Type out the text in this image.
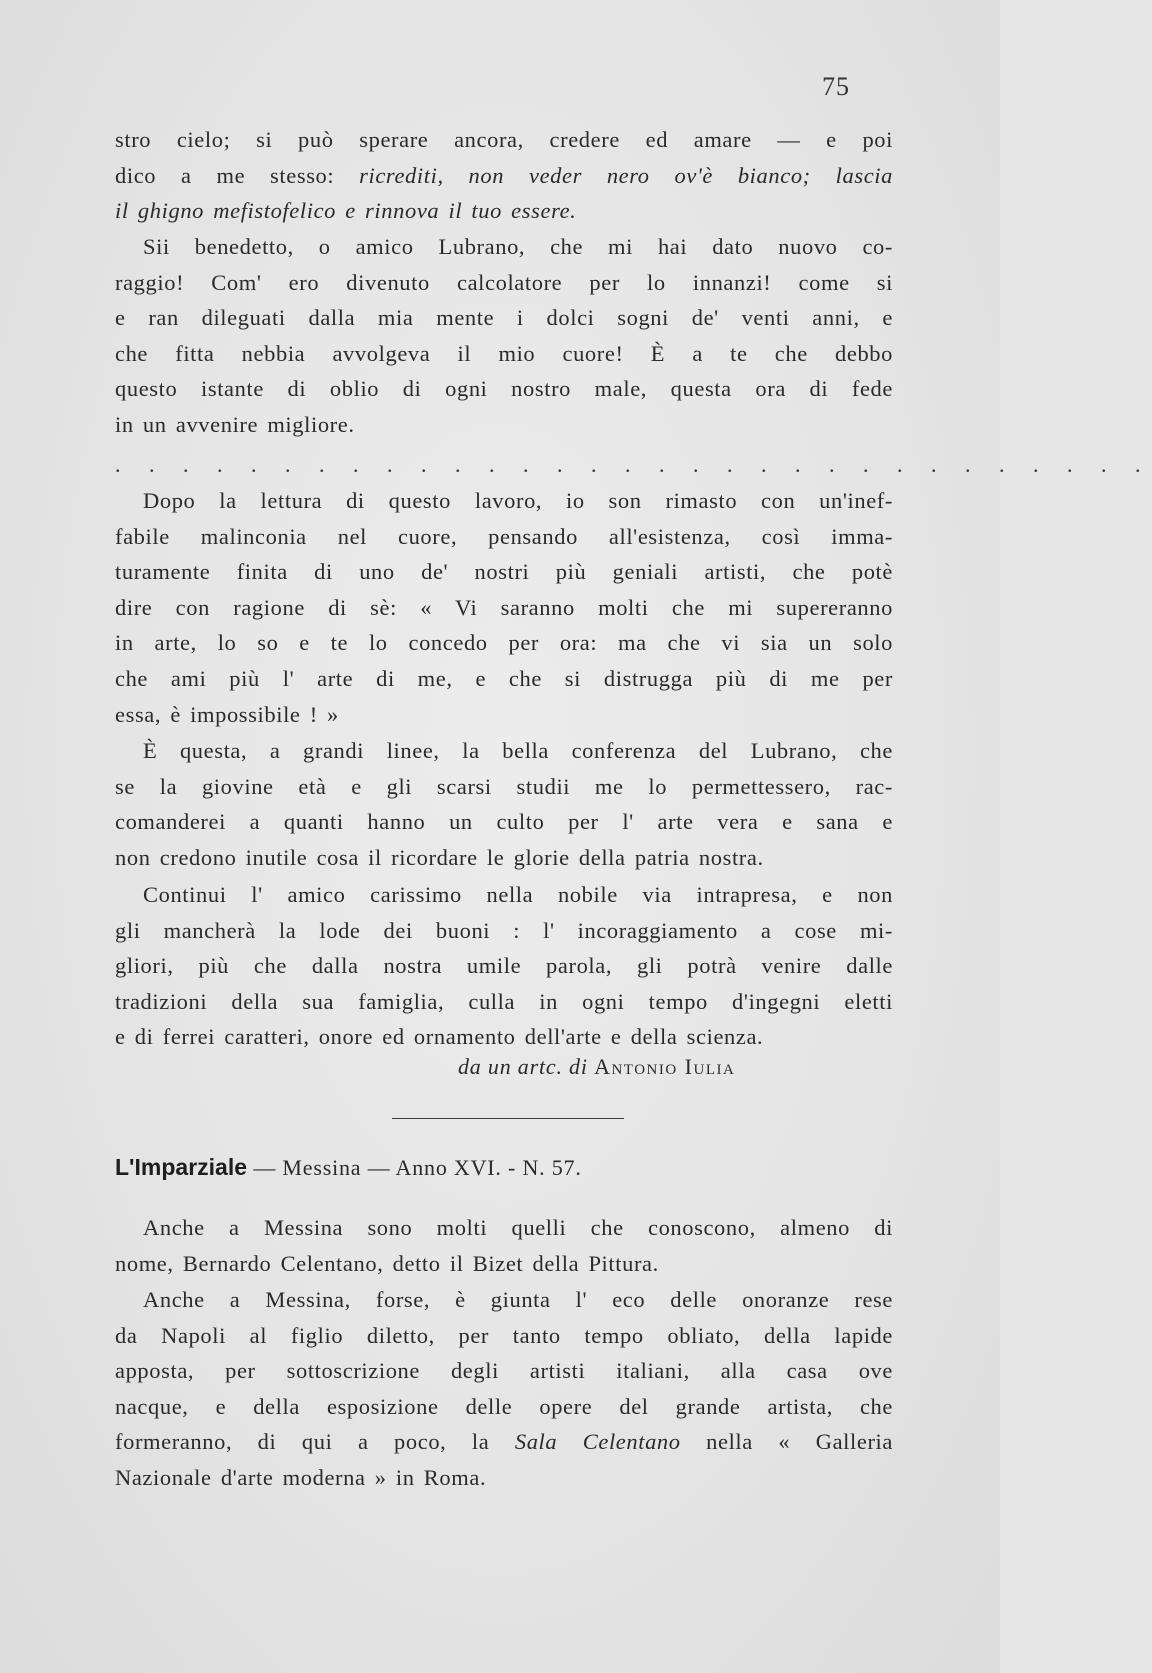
75
stro cielo; si può sperare ancora, credere ed amare — e poi
dico a me stesso: ricrediti, non veder nero ov'è bianco; lascia
il ghigno mefistofelico e rinnova il tuo essere.
Sii benedetto, o amico Lubrano, che mi hai dato nuovo co-
raggio! Com' ero divenuto calcolatore per lo innanzi! come si
e ran dileguati dalla mia mente i dolci sogni de' venti anni, e
che fitta nebbia avvolgeva il mio cuore! È a te che debbo
questo istante di oblio di ogni nostro male, questa ora di fede
in un avvenire migliore.
. . . . . . . . . . . . . . . . . . . . . . . . . . . . . . .
Dopo la lettura di questo lavoro, io son rimasto con un'inef-
fabile malinconia nel cuore, pensando all'esistenza, così imma-
turamente finita di uno de' nostri più geniali artisti, che potè
dire con ragione di sè: « Vi saranno molti che mi supereranno
in arte, lo so e te lo concedo per ora: ma che vi sia un solo
che ami più l' arte di me, e che si distrugga più di me per
essa, è impossibile ! »
È questa, a grandi linee, la bella conferenza del Lubrano, che
se la giovine età e gli scarsi studii me lo permettessero, rac-
comanderei a quanti hanno un culto per l' arte vera e sana e
non credono inutile cosa il ricordare le glorie della patria nostra.
Continui l' amico carissimo nella nobile via intrapresa, e non
gli mancherà la lode dei buoni : l' incoraggiamento a cose mi-
gliori, più che dalla nostra umile parola, gli potrà venire dalle
tradizioni della sua famiglia, culla in ogni tempo d'ingegni eletti
e di ferrei caratteri, onore ed ornamento dell'arte e della scienza.
da un artc. di Antonio Iulia
L'Imparziale — Messina — Anno XVI. - N. 57.
Anche a Messina sono molti quelli che conoscono, almeno di
nome, Bernardo Celentano, detto il Bizet della Pittura.
Anche a Messina, forse, è giunta l' eco delle onoranze rese
da Napoli al figlio diletto, per tanto tempo obliato, della lapide
apposta, per sottoscrizione degli artisti italiani, alla casa ove
nacque, e della esposizione delle opere del grande artista, che
formeranno, di qui a poco, la Sala Celentano nella « Galleria
Nazionale d'arte moderna » in Roma.
